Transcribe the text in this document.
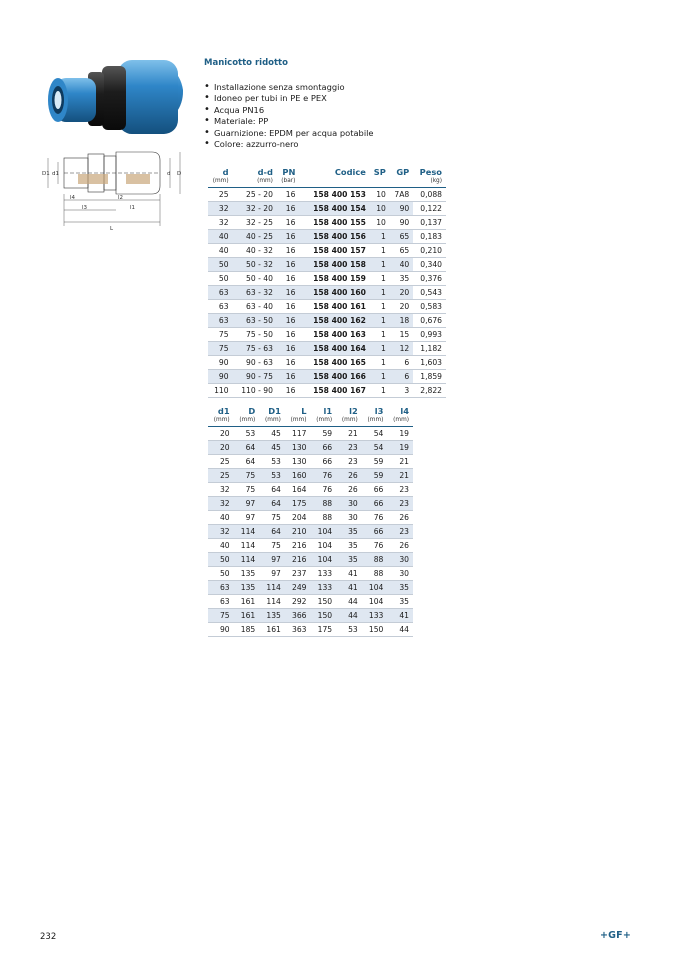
D1 d1	d D
l4	l2
l3	l1
L
Manicotto ridotto
• Installazione senza smontaggio
• Idoneo per tubi in PE e PEX
• Acqua PN16
• Materiale: PP
• Guarnizione: EPDM per acqua potabile
• Colore: azzurro-nero
d	d-d	PN	Codice	SP	GP	Peso
(mm)	(mm)	(bar)				(kg)
25	25 - 20	16	158 400 153	10	7A8	0,088
32	32 - 20	16	158 400 154	10	90	0,122
32	32 - 25	16	158 400 155	10	90	0,137
40	40 - 25	16	158 400 156	1	65	0,183
40	40 - 32	16	158 400 157	1	65	0,210
50	50 - 32	16	158 400 158	1	40	0,340
50	50 - 40	16	158 400 159	1	35	0,376
63	63 - 32	16	158 400 160	1	20	0,543
63	63 - 40	16	158 400 161	1	20	0,583
63	63 - 50	16	158 400 162	1	18	0,676
75	75 - 50	16	158 400 163	1	15	0,993
75	75 - 63	16	158 400 164	1	12	1,182
90	90 - 63	16	158 400 165	1	6	1,603
90	90 - 75	16	158 400 166	1	6	1,859
110	110 - 90	16	158 400 167	1	3	2,822
d1	D	D1	L	l1	l2	l3	l4
(mm)	(mm)	(mm)	(mm)	(mm)	(mm)	(mm)	(mm)
20	53	45	117	59	21	54	19
20	64	45	130	66	23	54	19
25	64	53	130	66	23	59	21
25	75	53	160	76	26	59	21
32	75	64	164	76	26	66	23
32	97	64	175	88	30	66	23
40	97	75	204	88	30	76	26
32	114	64	210	104	35	66	23
40	114	75	216	104	35	76	26
50	114	97	216	104	35	88	30
50	135	97	237	133	41	88	30
63	135	114	249	133	41	104	35
63	161	114	292	150	44	104	35
75	161	135	366	150	44	133	41
90	185	161	363	175	53	150	44
232	+GF+
